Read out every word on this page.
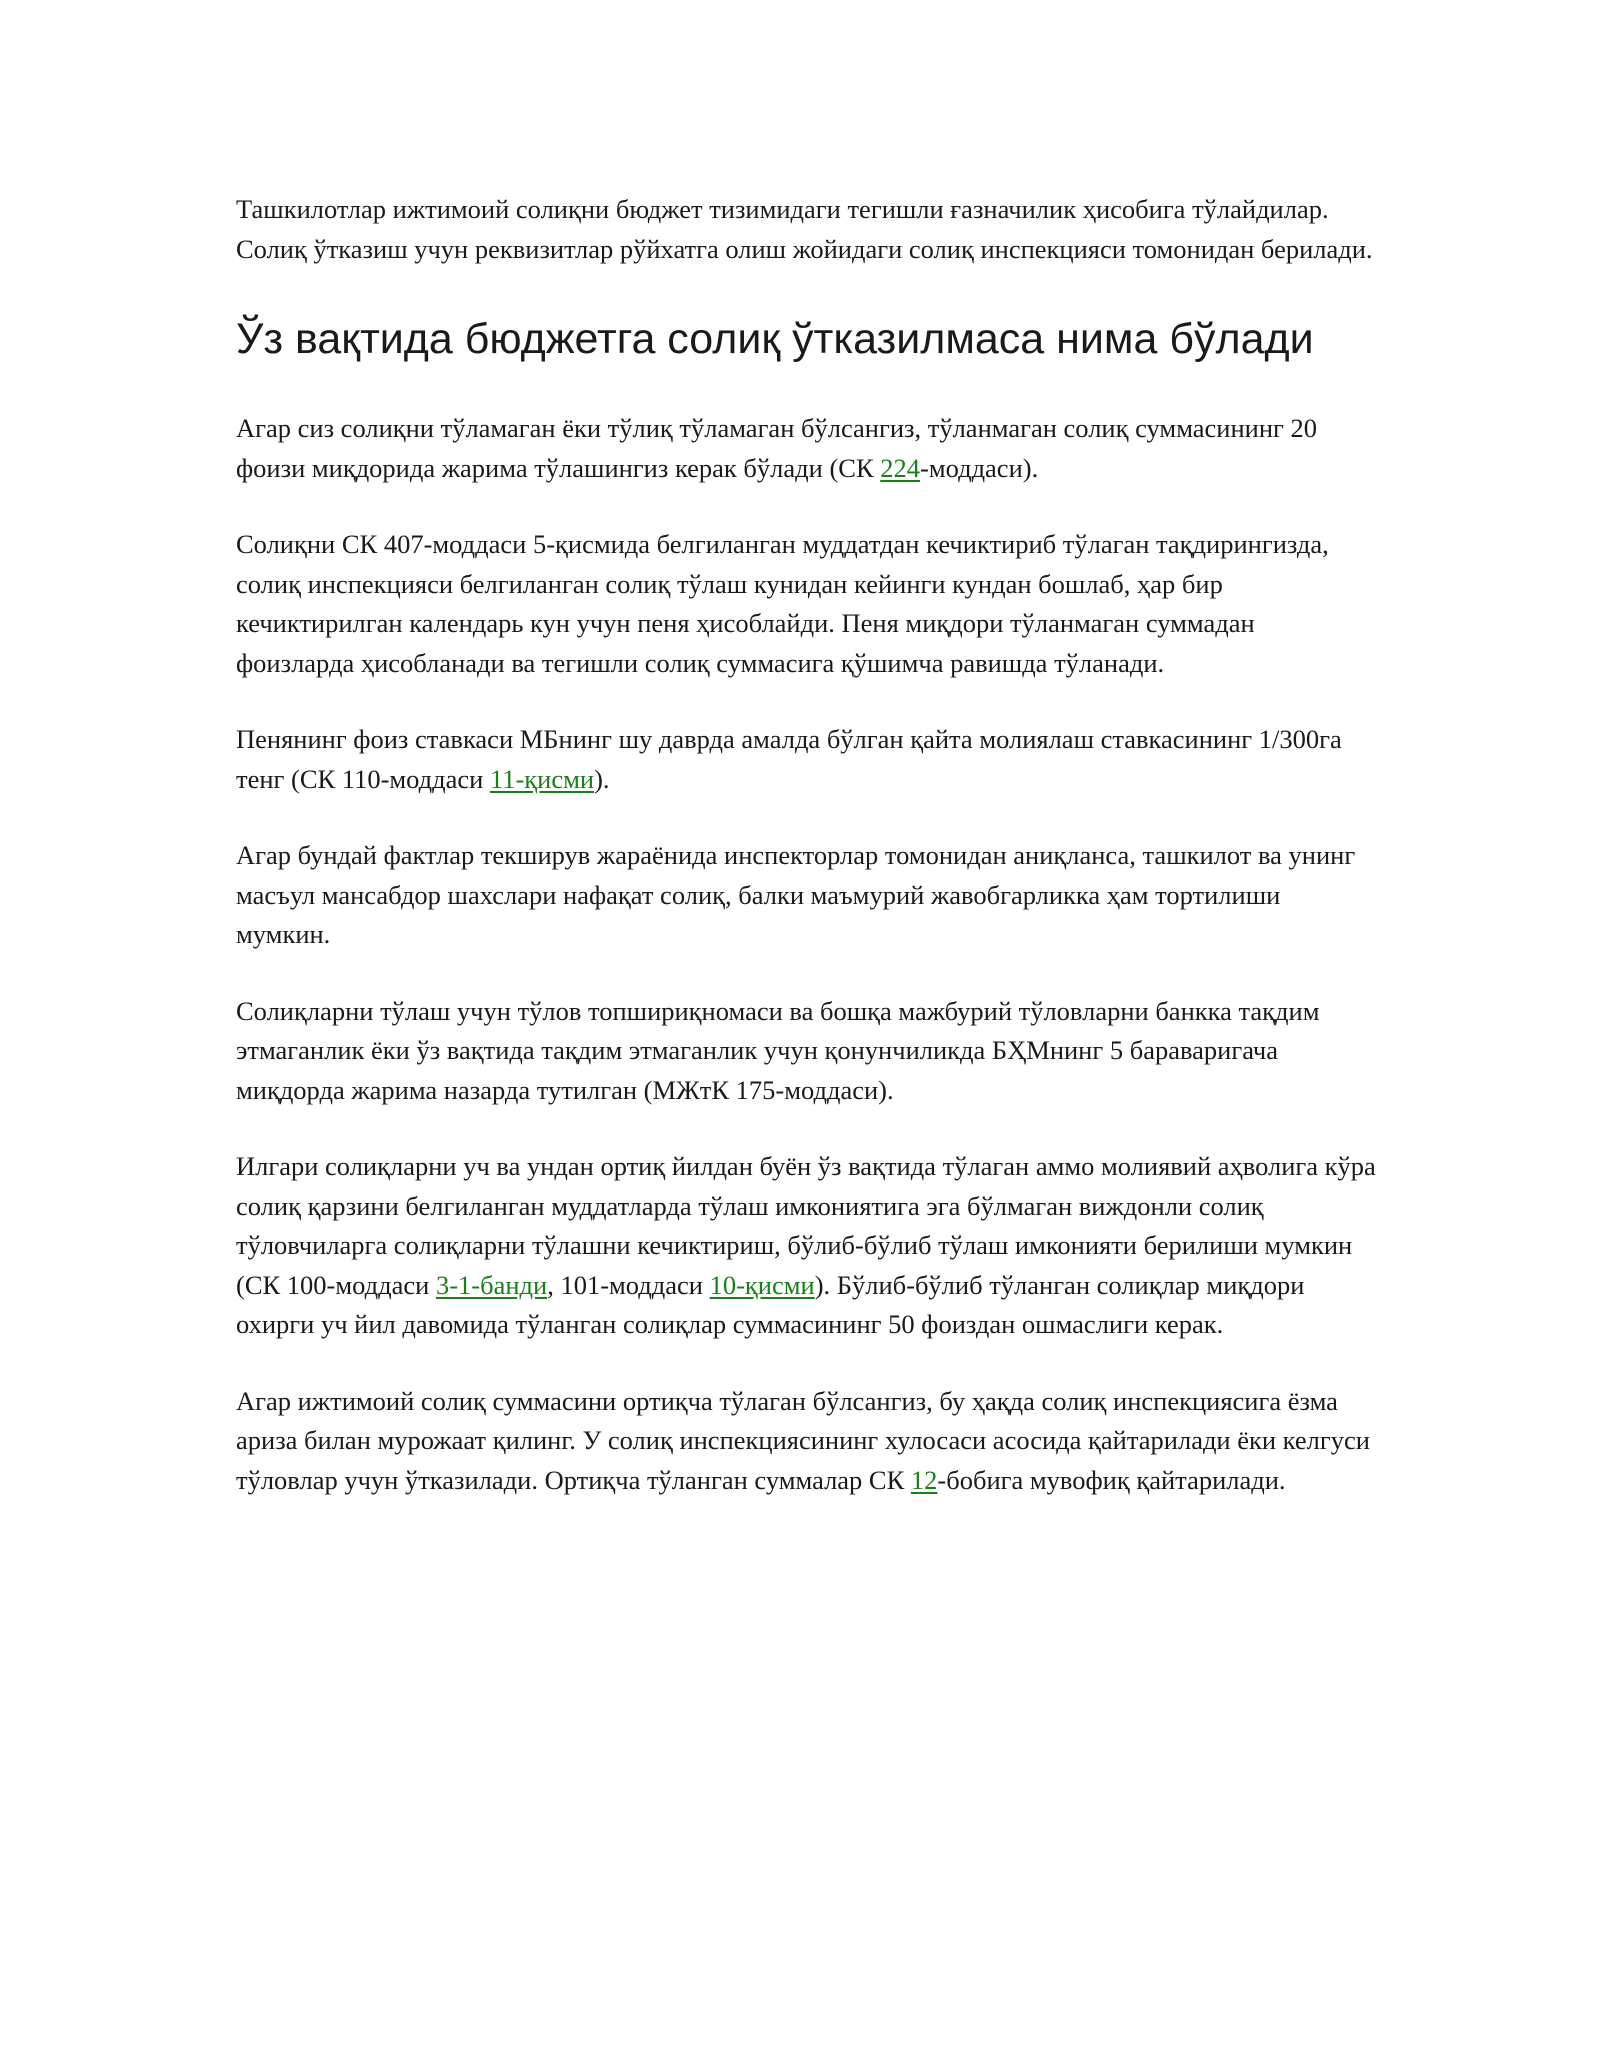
Ташкилотлар ижтимоий солиқни бюджет тизимидаги тегишли ғазначилик ҳисобига тўлайдилар. Солиқ ўтказиш учун реквизитлар рўйхатга олиш жойидаги солиқ инспекцияси томонидан берилади.

Ўз вақтида бюджетга солиқ ўтказилмаса нима бўлади

Агар сиз солиқни тўламаган ёки тўлиқ тўламаган бўлсангиз, тўланмаган солиқ суммасининг 20 фоизи миқдорида жарима тўлашингиз керак бўлади (СК 224-моддаси).

Солиқни СК 407-моддаси 5-қисмида белгиланган муддатдан кечиктириб тўлаган тақдирингизда, солиқ инспекцияси белгиланган солиқ тўлаш кунидан кейинги кундан бошлаб, ҳар бир кечиктирилган календарь кун учун пеня ҳисоблайди. Пеня миқдори тўланмаган суммадан фоизларда ҳисобланади ва тегишли солиқ суммасига қўшимча равишда тўланади.

Пенянинг фоиз ставкаси МБнинг шу даврда амалда бўлган қайта молиялаш ставкасининг 1/300га тенг (СК 110-моддаси 11-қисми).

Агар бундай фактлар текширув жараёнида инспекторлар томонидан аниқланса, ташкилот ва унинг масъул мансабдор шахслари нафақат солиқ, балки маъмурий жавобгарликка ҳам тортилиши мумкин.

Солиқларни тўлаш учун тўлов топшириқномаси ва бошқа мажбурий тўловларни банкка тақдим этмаганлик ёки ўз вақтида тақдим этмаганлик учун қонунчиликда БҲМнинг 5 бараваригача миқдорда жарима назарда тутилган (МЖтК 175-моддаси).

Илгари солиқларни уч ва ундан ортиқ йилдан буён ўз вақтида тўлаган аммо молиявий аҳволига кўра солиқ қарзини белгиланган муддатларда тўлаш имкониятига эга бўлмаган виждонли солиқ тўловчиларга солиқларни тўлашни кечиктириш, бўлиб-бўлиб тўлаш имконияти берилиши мумкин (СК 100-моддаси 3-1-банди, 101-моддаси 10-қисми). Бўлиб-бўлиб тўланган солиқлар миқдори охирги уч йил давомида тўланган солиқлар суммасининг 50 фоиздан ошмаслиги керак.

Агар ижтимоий солиқ суммасини ортиқча тўлаган бўлсангиз, бу ҳақда солиқ инспекциясига ёзма ариза билан мурожаат қилинг. У солиқ инспекциясининг хулосаси асосида қайтарилади ёки келгуси тўловлар учун ўтказилади. Ортиқча тўланган суммалар СК 12-бобига мувофиқ қайтарилади.
